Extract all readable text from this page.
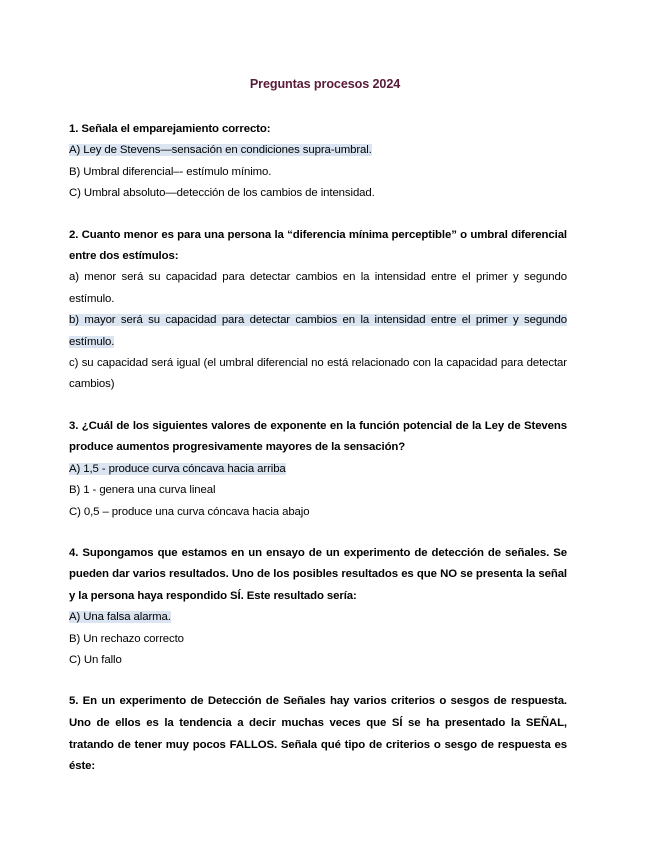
Preguntas procesos 2024
1. Señala el emparejamiento correcto:
A) Ley de Stevens—sensación en condiciones supra-umbral.
B) Umbral diferencial–- estímulo mínimo.
C) Umbral absoluto—detección de los cambios de intensidad.
2. Cuanto menor es para una persona la “diferencia mínima perceptible” o umbral diferencial entre dos estímulos:
a) menor será su capacidad para detectar cambios en la intensidad entre el primer y segundo estímulo.
b) mayor será su capacidad para detectar cambios en la intensidad entre el primer y segundo estímulo.
c) su capacidad será igual (el umbral diferencial no está relacionado con la capacidad para detectar cambios)
3. ¿Cuál de los siguientes valores de exponente en la función potencial de la Ley de Stevens produce aumentos progresivamente mayores de la sensación?
A) 1,5 - produce curva cóncava hacia arriba
B) 1 - genera una curva lineal
C) 0,5 – produce una curva cóncava hacia abajo
4. Supongamos que estamos en un ensayo de un experimento de detección de señales. Se pueden dar varios resultados. Uno de los posibles resultados es que NO se presenta la señal y la persona haya respondido SÍ. Este resultado sería:
A) Una falsa alarma.
B) Un rechazo correcto
C) Un fallo
5. En un experimento de Detección de Señales hay varios criterios o sesgos de respuesta. Uno de ellos es la tendencia a decir muchas veces que SÍ se ha presentado la SEÑAL, tratando de tener muy pocos FALLOS. Señala qué tipo de criterios o sesgo de respuesta es éste:
